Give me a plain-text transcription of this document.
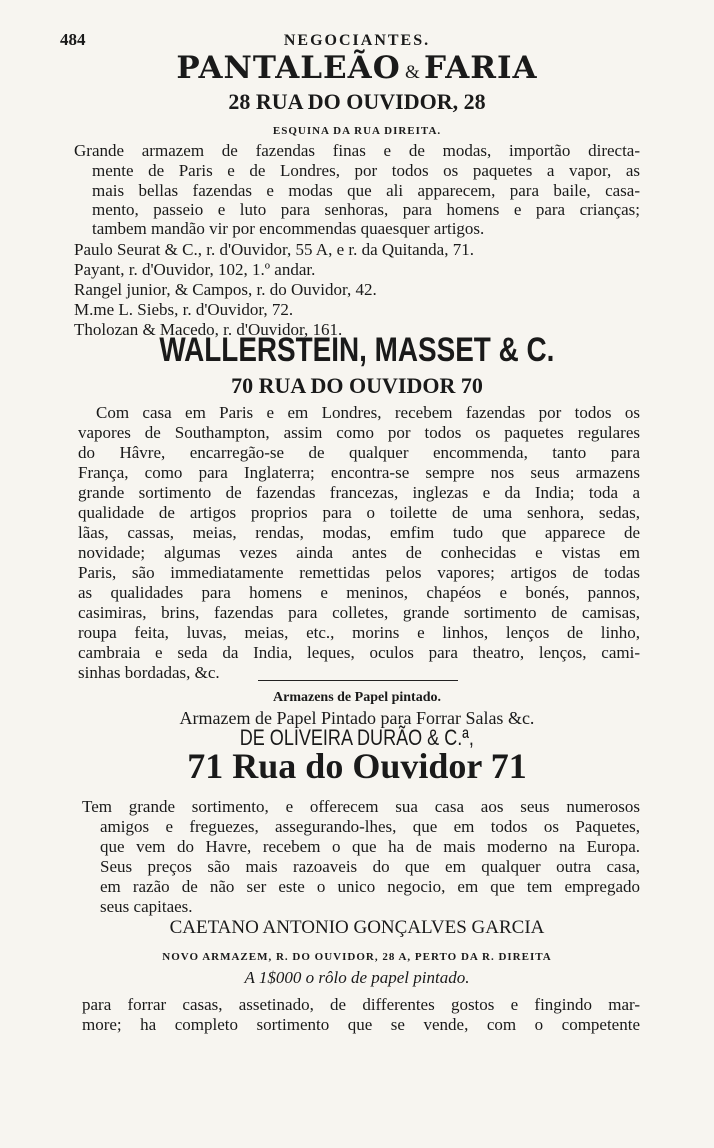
484	NEGOCIANTES.
PANTALEÃO & FARIA
28 RUA DO OUVIDOR, 28
ESQUINA DA RUA DIREITA.
Grande armazem de fazendas finas e de modas, importão directa-
mente de Paris e de Londres, por todos os paquetes a vapor, as
mais bellas fazendas e modas que ali apparecem, para baile, casa-
mento, passeio e luto para senhoras, para homens e para crianças;
tambem mandão vir por encommendas quaesquer artigos.
Paulo Seurat & C., r. d'Ouvidor, 55 A, e r. da Quitanda, 71.
Payant, r. d'Ouvidor, 102, 1.º andar.
Rangel junior, & Campos, r. do Ouvidor, 42.
M.me L. Siebs, r. d'Ouvidor, 72.
Tholozan & Macedo, r. d'Ouvidor, 161.
WALLERSTEIN, MASSET & C.
70 RUA DO OUVIDOR 70
Com casa em Paris e em Londres, recebem fazendas por todos os
vapores de Southampton, assim como por todos os paquetes regulares
do Hâvre, encarregão-se de qualquer encommenda, tanto para
França, como para Inglaterra; encontra-se sempre nos seus armazens
grande sortimento de fazendas francezas, inglezas e da India; toda a
qualidade de artigos proprios para o toilette de uma senhora, sedas,
lãas, cassas, meias, rendas, modas, emfim tudo que apparece de
novidade; algumas vezes ainda antes de conhecidas e vistas em
Paris, são immediatamente remettidas pelos vapores; artigos de todas
as qualidades para homens e meninos, chapéos e bonés, pannos,
casimiras, brins, fazendas para colletes, grande sortimento de camisas,
roupa feita, luvas, meias, etc., morins e linhos, lenços de linho,
cambraia e seda da India, leques, oculos para theatro, lenços, cami-
sinhas bordadas, &c.
Armazens de Papel pintado.
Armazem de Papel Pintado para Forrar Salas &c.
DE OLIVEIRA DURÃO & C.ª,
71 Rua do Ouvidor 71
Tem grande sortimento, e offerecem sua casa aos seus numerosos
amigos e freguezes, assegurando-lhes, que em todos os Paquetes,
que vem do Havre, recebem o que ha de mais moderno na Europa.
Seus preços são mais razoaveis do que em qualquer outra casa,
em razão de não ser este o unico negocio, em que tem empregado
seus capitaes.
CAETANO ANTONIO GONÇALVES GARCIA
NOVO ARMAZEM, R. DO OUVIDOR, 28 A, PERTO DA R. DIREITA
A 1$000 o rôlo de papel pintado.
para forrar casas, assetinado, de differentes gostos e fingindo mar-
more; ha completo sortimento que se vende, com o competente
